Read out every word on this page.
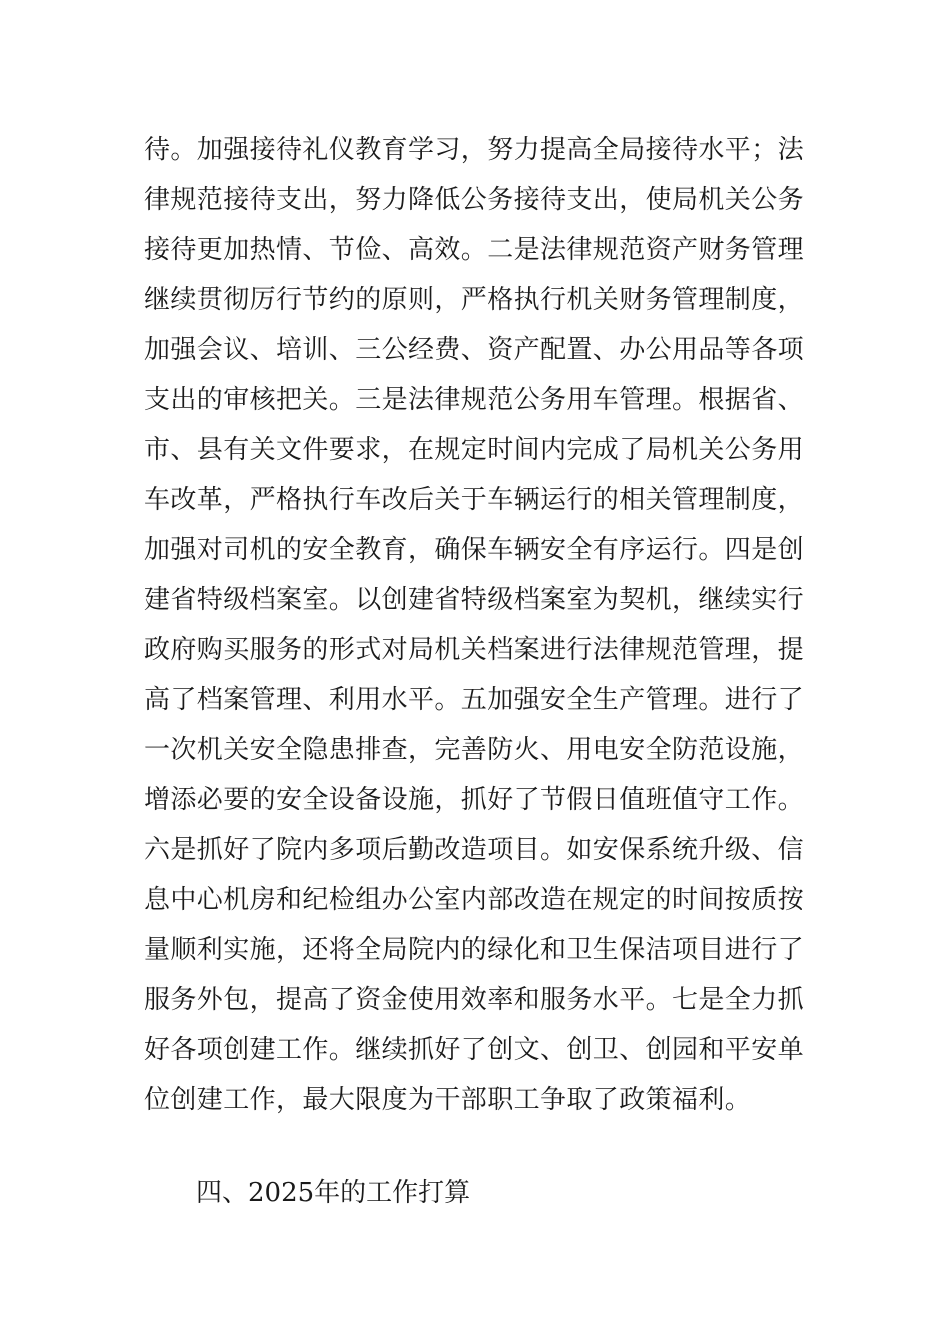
待。加强接待礼仪教育学习，努力提高全局接待水平；法
律规范接待支出，努力降低公务接待支出，使局机关公务
接待更加热情、节俭、高效。二是法律规范资产财务管理
继续贯彻厉行节约的原则，严格执行机关财务管理制度，
加强会议、培训、三公经费、资产配置、办公用品等各项
支出的审核把关。三是法律规范公务用车管理。根据省、
市、县有关文件要求，在规定时间内完成了局机关公务用
车改革，严格执行车改后关于车辆运行的相关管理制度，
加强对司机的安全教育，确保车辆安全有序运行。四是创
建省特级档案室。以创建省特级档案室为契机，继续实行
政府购买服务的形式对局机关档案进行法律规范管理，提
高了档案管理、利用水平。五加强安全生产管理。进行了
一次机关安全隐患排查，完善防火、用电安全防范设施，
增添必要的安全设备设施，抓好了节假日值班值守工作。
六是抓好了院内多项后勤改造项目。如安保系统升级、信
息中心机房和纪检组办公室内部改造在规定的时间按质按
量顺利实施，还将全局院内的绿化和卫生保洁项目进行了
服务外包，提高了资金使用效率和服务水平。七是全力抓
好各项创建工作。继续抓好了创文、创卫、创园和平安单
位创建工作，最大限度为干部职工争取了政策福利。
四、2025年的工作打算
